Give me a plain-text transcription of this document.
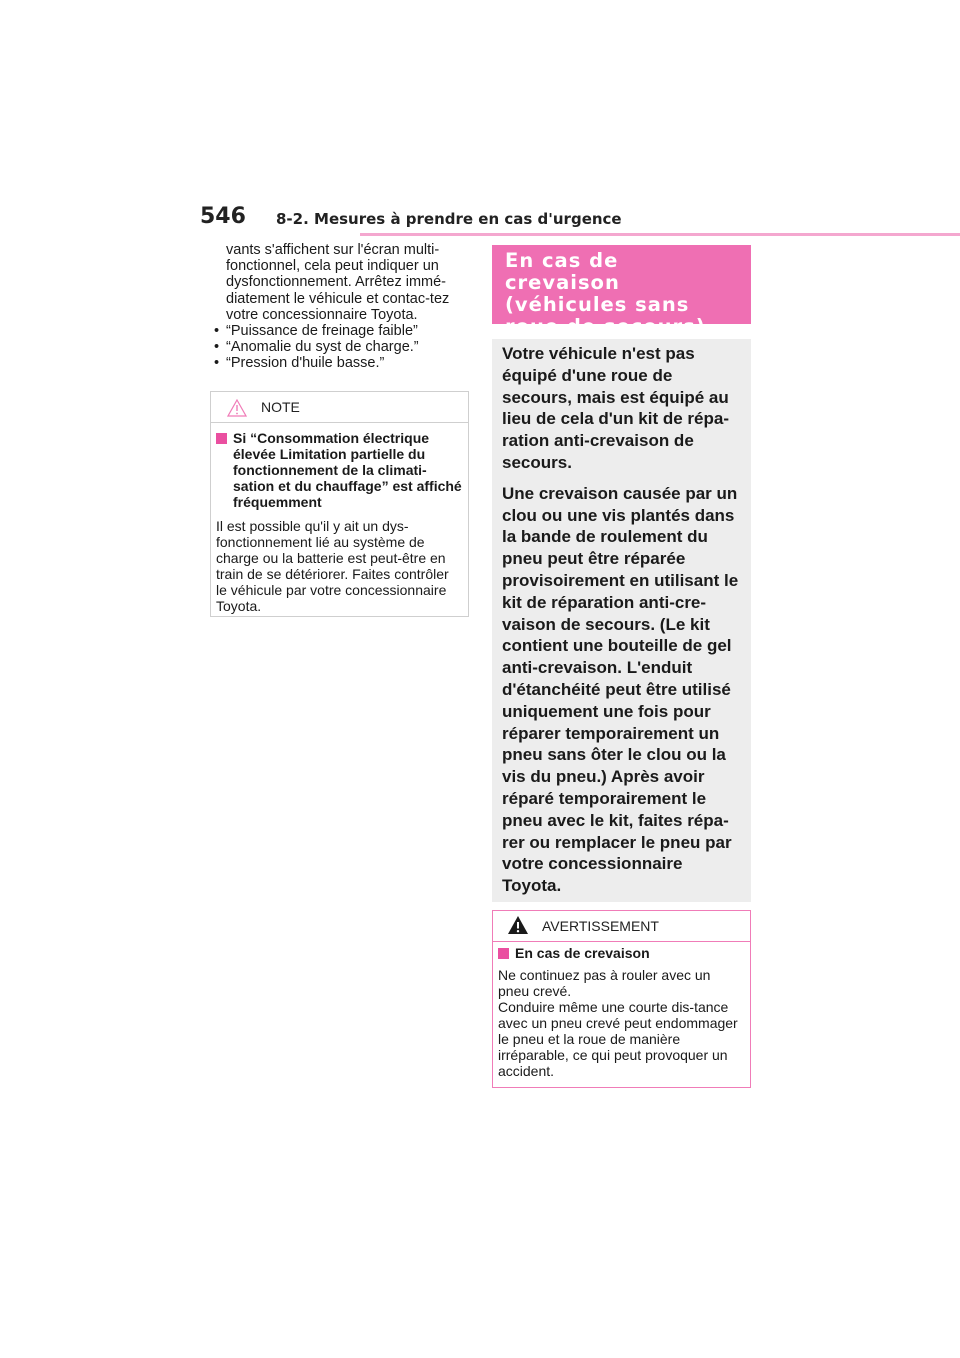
546 8-2. Mesures à prendre en cas d'urgence

vants s'affichent sur l'écran multi-fonctionnel, cela peut indiquer un dysfonctionnement. Arrêtez immé-diatement le véhicule et contac-tez votre concessionnaire Toyota.

• “Puissance de freinage faible”
• “Anomalie du syst de charge.”
• “Pression d'huile basse.”
NOTE

Si “Consommation électrique élevée Limitation partielle du fonctionnement de la climati-sation et du chauffage” est affiché fréquemment

Il est possible qu'il y ait un dys-fonctionnement lié au système de charge ou la batterie est peut-être en train de se détériorer. Faites contrôler le véhicule par votre concessionnaire Toyota.

En cas de crevaison (véhicules sans roue de secours)

Votre véhicule n'est pas équipé d'une roue de secours, mais est équipé au lieu de cela d'un kit de répa-ration anti-crevaison de secours.

Une crevaison causée par un clou ou une vis plantés dans la bande de roulement du pneu peut être réparée provisoirement en utilisant le kit de réparation anti-cre-vaison de secours. (Le kit contient une bouteille de gel anti-crevaison. L'enduit d'étanchéité peut être utilisé uniquement une fois pour réparer temporairement un pneu sans ôter le clou ou la vis du pneu.) Après avoir réparé temporairement le pneu avec le kit, faites répa-rer ou remplacer le pneu par votre concessionnaire Toyota.

AVERTISSEMENT

En cas de crevaison

Ne continuez pas à rouler avec un pneu crevé.
Conduire même une courte dis-tance avec un pneu crevé peut endommager le pneu et la roue de manière irréparable, ce qui peut provoquer un accident.
